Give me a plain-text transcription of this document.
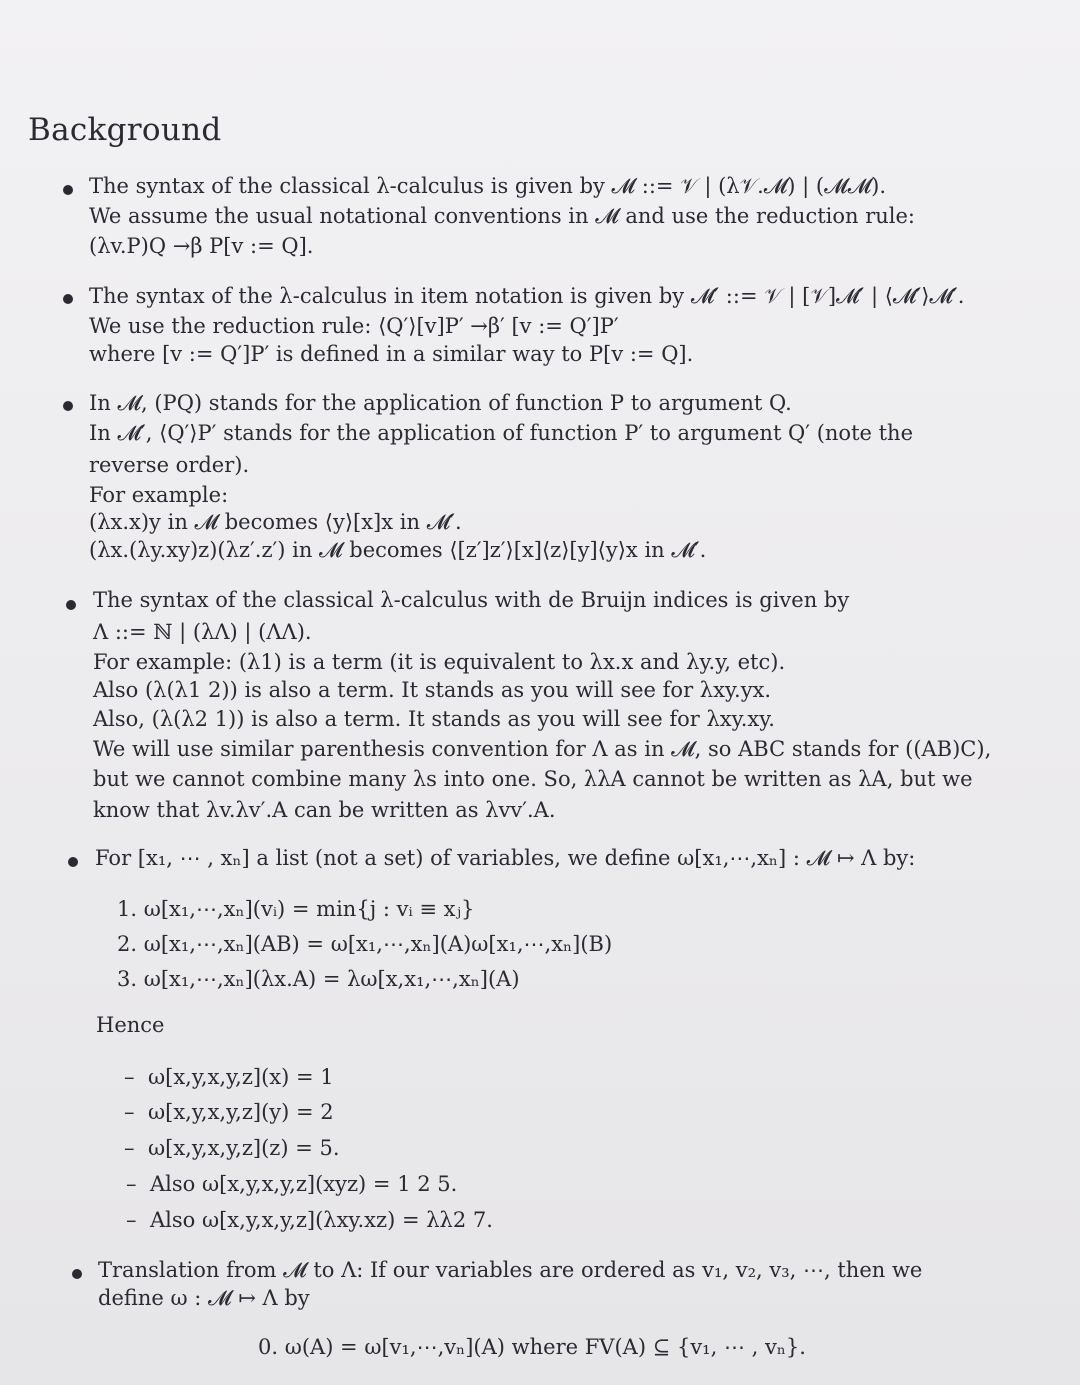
Background
The syntax of the classical λ-calculus is given by 𝓜 ::= 𝒱 | (λ𝒱.𝓜) | (𝓜𝓜).
We assume the usual notational conventions in 𝓜 and use the reduction rule:
(λv.P)Q →β P[v := Q].
The syntax of the λ-calculus in item notation is given by 𝓜′ ::= 𝒱 | [𝒱]𝓜′ | ⟨𝓜′⟩𝓜′.
We use the reduction rule: ⟨Q′⟩[v]P′ →β′ [v := Q′]P′
where [v := Q′]P′ is defined in a similar way to P[v := Q].
In 𝓜, (PQ) stands for the application of function P to argument Q.
In 𝓜′, ⟨Q′⟩P′ stands for the application of function P′ to argument Q′ (note the
reverse order).
For example:
(λx.x)y in 𝓜 becomes ⟨y⟩[x]x in 𝓜′.
(λx.(λy.xy)z)(λz′.z′) in 𝓜 becomes ⟨[z′]z′⟩[x]⟨z⟩[y]⟨y⟩x in 𝓜′.
The syntax of the classical λ-calculus with de Bruijn indices is given by
Λ ::= ℕ | (λΛ) | (ΛΛ).
For example: (λ1) is a term (it is equivalent to λx.x and λy.y, etc).
Also (λ(λ1 2)) is also a term. It stands as you will see for λxy.yx.
Also, (λ(λ2 1)) is also a term. It stands as you will see for λxy.xy.
We will use similar parenthesis convention for Λ as in 𝓜, so ABC stands for ((AB)C),
but we cannot combine many λs into one. So, λλA cannot be written as λA, but we
know that λv.λv′.A can be written as λvv′.A.
For [x₁, ⋯ , xₙ] a list (not a set) of variables, we define ω[x₁,⋯,xₙ] : 𝓜 ↦ Λ by:
1. ω[x₁,⋯,xₙ](vᵢ) = min{j : vᵢ ≡ xⱼ}
2. ω[x₁,⋯,xₙ](AB) = ω[x₁,⋯,xₙ](A)ω[x₁,⋯,xₙ](B)
3. ω[x₁,⋯,xₙ](λx.A) = λω[x,x₁,⋯,xₙ](A)
Hence
– ω[x,y,x,y,z](x) = 1
– ω[x,y,x,y,z](y) = 2
– ω[x,y,x,y,z](z) = 5.
– Also ω[x,y,x,y,z](xyz) = 1 2 5.
– Also ω[x,y,x,y,z](λxy.xz) = λλ2 7.
Translation from 𝓜 to Λ: If our variables are ordered as v₁, v₂, v₃, ⋯, then we
define ω : 𝓜 ↦ Λ by
0. ω(A) = ω[v₁,⋯,vₙ](A) where FV(A) ⊆ {v₁, ⋯ , vₙ}.
